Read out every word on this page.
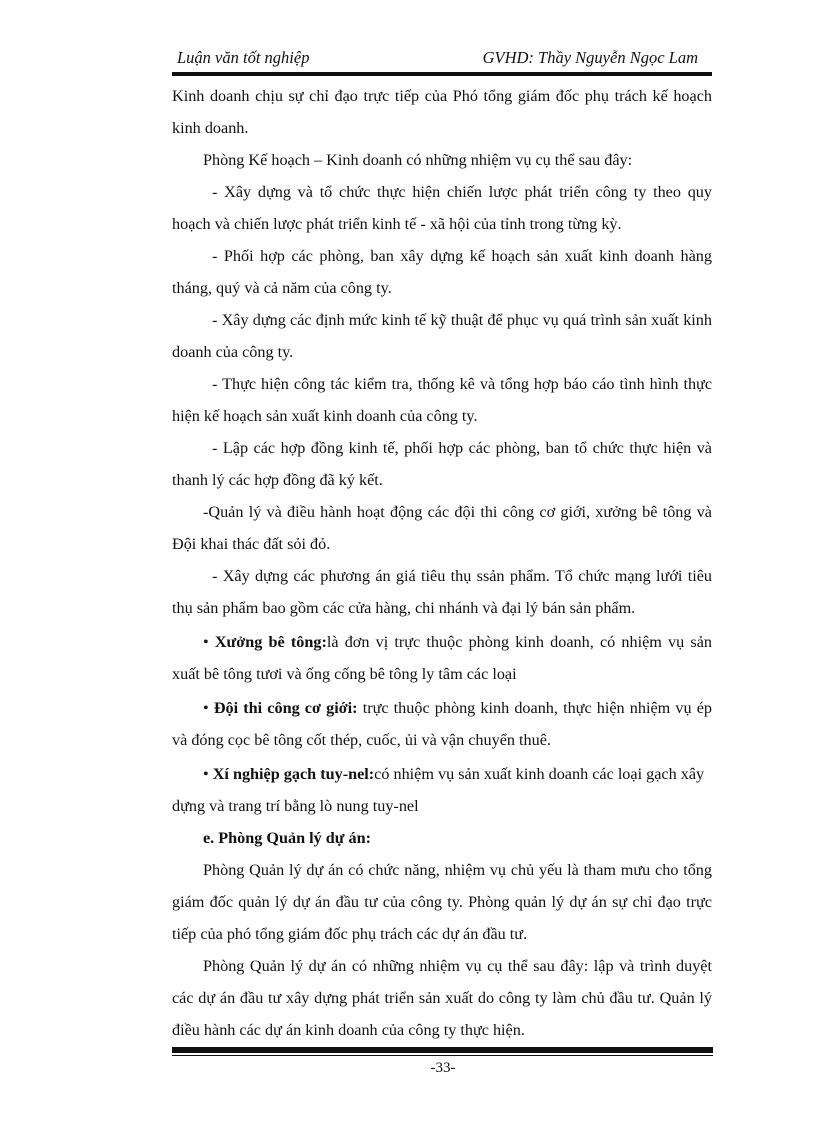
Luận văn tốt nghiệp	GVHD: Thầy Nguyễn Ngọc Lam

Kinh doanh chịu sự chỉ đạo trực tiếp của Phó tổng giám đốc phụ trách kế hoạch kinh doanh.

Phòng Kế hoạch – Kinh doanh có những nhiệm vụ cụ thể sau đây:

- Xây dựng và tổ chức thực hiện chiến lược phát triển công ty theo quy hoạch và chiến lược phát triển kinh tế - xã hội của tỉnh trong từng kỳ.

- Phối hợp các phòng, ban xây dựng kế hoạch sản xuất kinh doanh hàng tháng, quý và cả năm của công ty.

- Xây dựng các định mức kinh tế kỹ thuật để phục vụ quá trình sản xuất kinh doanh của công ty.

- Thực hiện công tác kiểm tra, thống kê và tổng hợp báo cáo tình hình thực hiện kế hoạch sản xuất kinh doanh của công ty.

- Lập các hợp đồng kinh tế, phối hợp các phòng, ban tổ chức thực hiện và thanh lý các hợp đồng đã ký kết.

-Quản lý và điều hành hoạt động các đội thi công cơ giới, xưởng bê tông và Đội khai thác đất sỏi đỏ.

- Xây dựng các phương án giá tiêu thụ ssản phẩm. Tổ chức mạng lưới tiêu thụ sản phẩm bao gồm các cửa hàng, chi nhánh và đại lý bán sản phẩm.

• Xưởng bê tông:là đơn vị trực thuộc phòng kinh doanh, có nhiệm vụ sản xuất bê tông tươi và ống cống bê tông ly tâm các loại

• Đội thi công cơ giới: trực thuộc phòng kinh doanh, thực hiện nhiệm vụ ép và đóng cọc bê tông cốt thép, cuốc, ủi và vận chuyển thuê.

• Xí nghiệp gạch tuy-nel:có nhiệm vụ sản xuất kinh doanh các loại gạch xây dựng và trang trí bằng lò nung tuy-nel

e. Phòng Quản lý dự án:

Phòng Quản lý dự án có chức năng, nhiệm vụ chủ yếu là tham mưu cho tổng giám đốc quản lý dự án đầu tư của công ty. Phòng quản lý dự án sự chỉ đạo trực tiếp của phó tổng giám đốc phụ trách các dự án đầu tư.

Phòng Quản lý dự án có những nhiệm vụ cụ thể sau đây: lập và trình duyệt các dự án đầu tư xây dựng phát triển sản xuất do công ty làm chủ đầu tư. Quản lý điều hành các dự án kinh doanh của công ty thực hiện.

-33-
